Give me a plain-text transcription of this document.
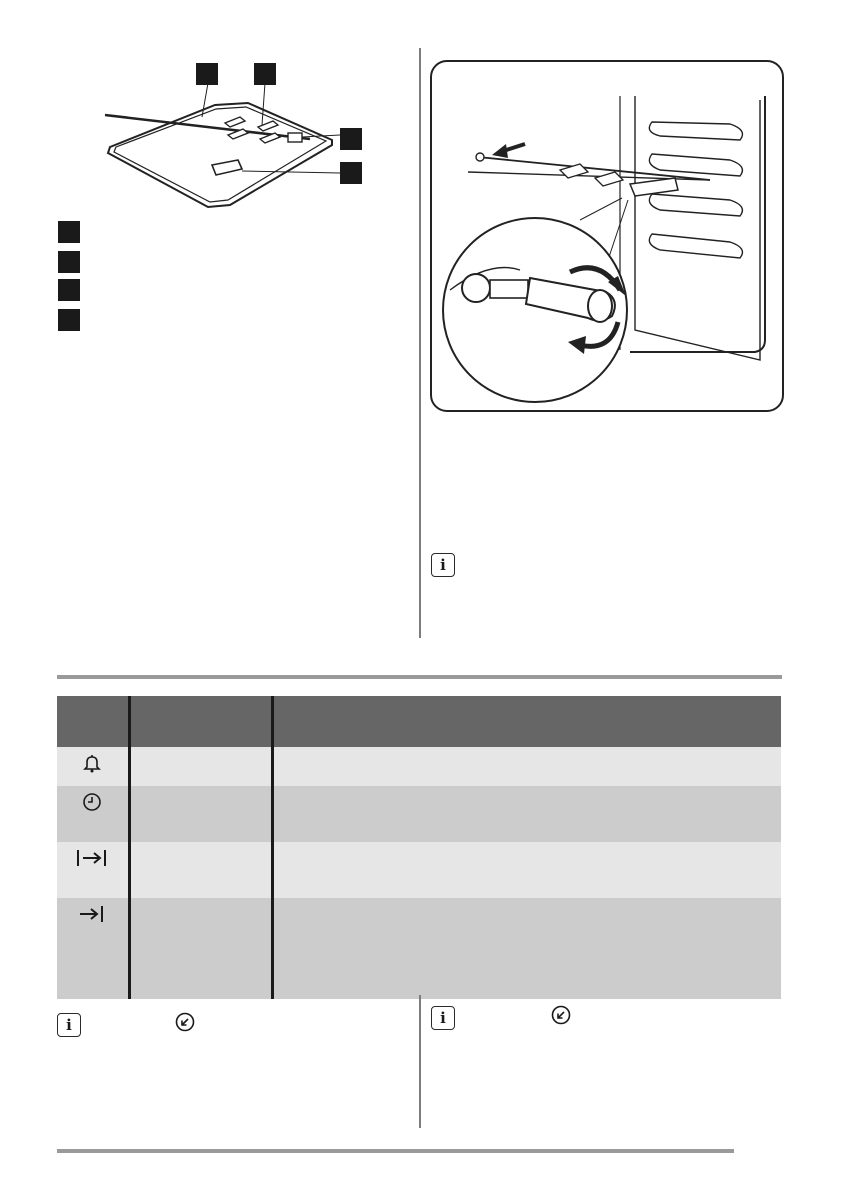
i

i	i
